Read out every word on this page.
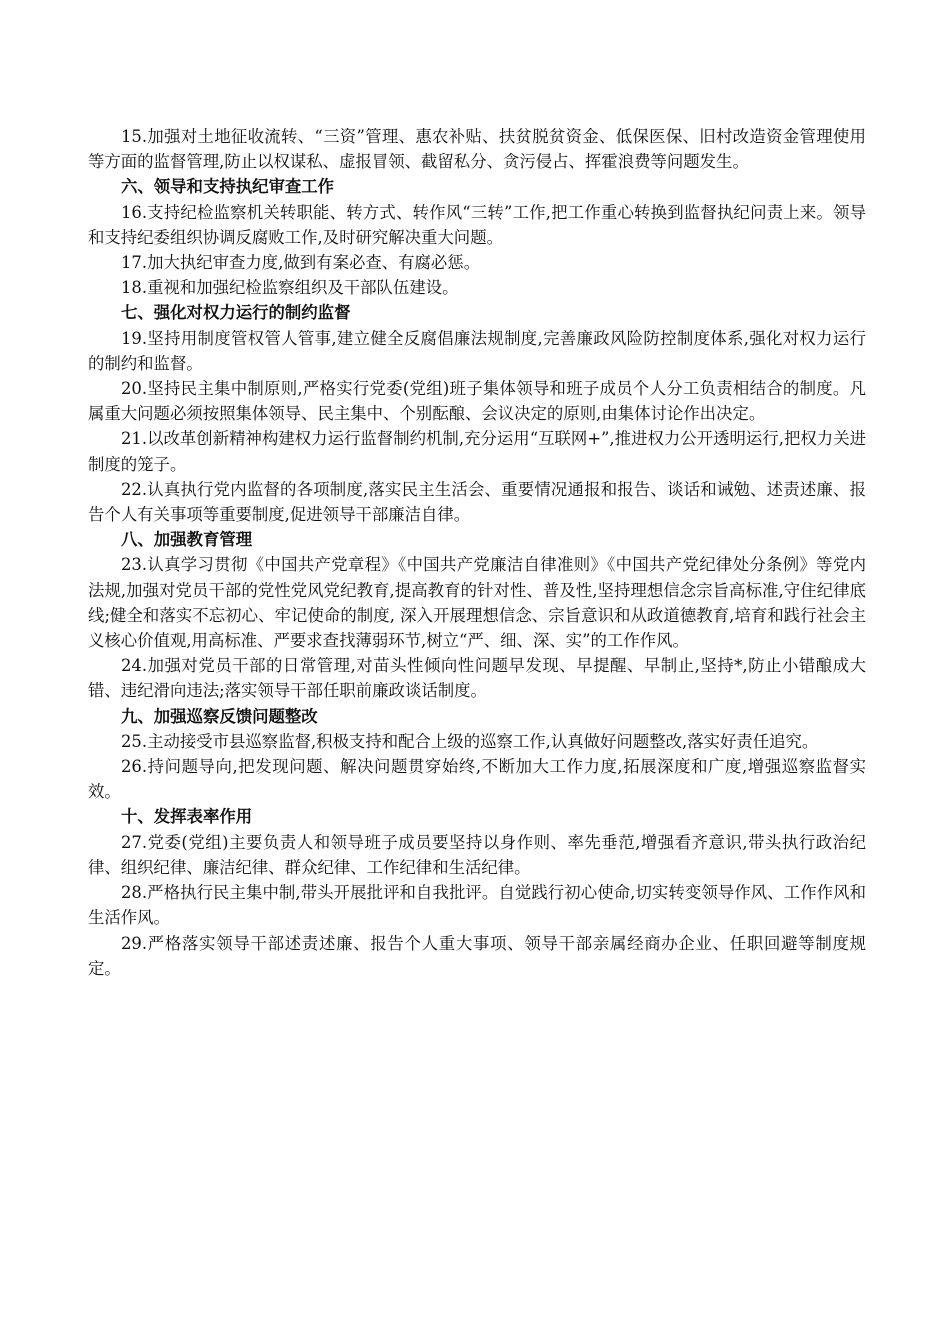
15.加强对土地征收流转、“三资”管理、惠农补贴、扶贫脱贫资金、低保医保、旧村改造资金管理使用等方面的监督管理,防止以权谋私、虚报冒领、截留私分、贪污侵占、挥霍浪费等问题发生。

六、领导和支持执纪审查工作

16.支持纪检监察机关转职能、转方式、转作风“三转”工作,把工作重心转换到监督执纪问责上来。领导和支持纪委组织协调反腐败工作,及时研究解决重大问题。

17.加大执纪审查力度,做到有案必查、有腐必惩。

18.重视和加强纪检监察组织及干部队伍建设。

七、强化对权力运行的制约监督

19.坚持用制度管权管人管事,建立健全反腐倡廉法规制度,完善廉政风险防控制度体系,强化对权力运行的制约和监督。

20.坚持民主集中制原则,严格实行党委(党组)班子集体领导和班子成员个人分工负责相结合的制度。凡属重大问题必须按照集体领导、民主集中、个别酝酿、会议决定的原则,由集体讨论作出决定。

21.以改革创新精神构建权力运行监督制约机制,充分运用“互联网+”,推进权力公开透明运行,把权力关进制度的笼子。

22.认真执行党内监督的各项制度,落实民主生活会、重要情况通报和报告、谈话和诫勉、述责述廉、报告个人有关事项等重要制度,促进领导干部廉洁自律。

八、加强教育管理

23.认真学习贯彻《中国共产党章程》《中国共产党廉洁自律准则》《中国共产党纪律处分条例》等党内法规,加强对党员干部的党性党风党纪教育,提高教育的针对性、普及性,坚持理想信念宗旨高标准,守住纪律底线;健全和落实不忘初心、牢记使命的制度, 深入开展理想信念、宗旨意识和从政道德教育,培育和践行社会主义核心价值观,用高标准、严要求查找薄弱环节,树立“严、细、深、实”的工作作风。

24.加强对党员干部的日常管理,对苗头性倾向性问题早发现、早提醒、早制止,坚持*,防止小错酿成大错、违纪滑向违法;落实领导干部任职前廉政谈话制度。

九、加强巡察反馈问题整改

25.主动接受市县巡察监督,积极支持和配合上级的巡察工作,认真做好问题整改,落实好责任追究。

26.持问题导向,把发现问题、解决问题贯穿始终,不断加大工作力度,拓展深度和广度,增强巡察监督实效。

十、发挥表率作用

27.党委(党组)主要负责人和领导班子成员要坚持以身作则、率先垂范,增强看齐意识,带头执行政治纪律、组织纪律、廉洁纪律、群众纪律、工作纪律和生活纪律。

28.严格执行民主集中制,带头开展批评和自我批评。自觉践行初心使命,切实转变领导作风、工作作风和生活作风。

29.严格落实领导干部述责述廉、报告个人重大事项、领导干部亲属经商办企业、任职回避等制度规定。
